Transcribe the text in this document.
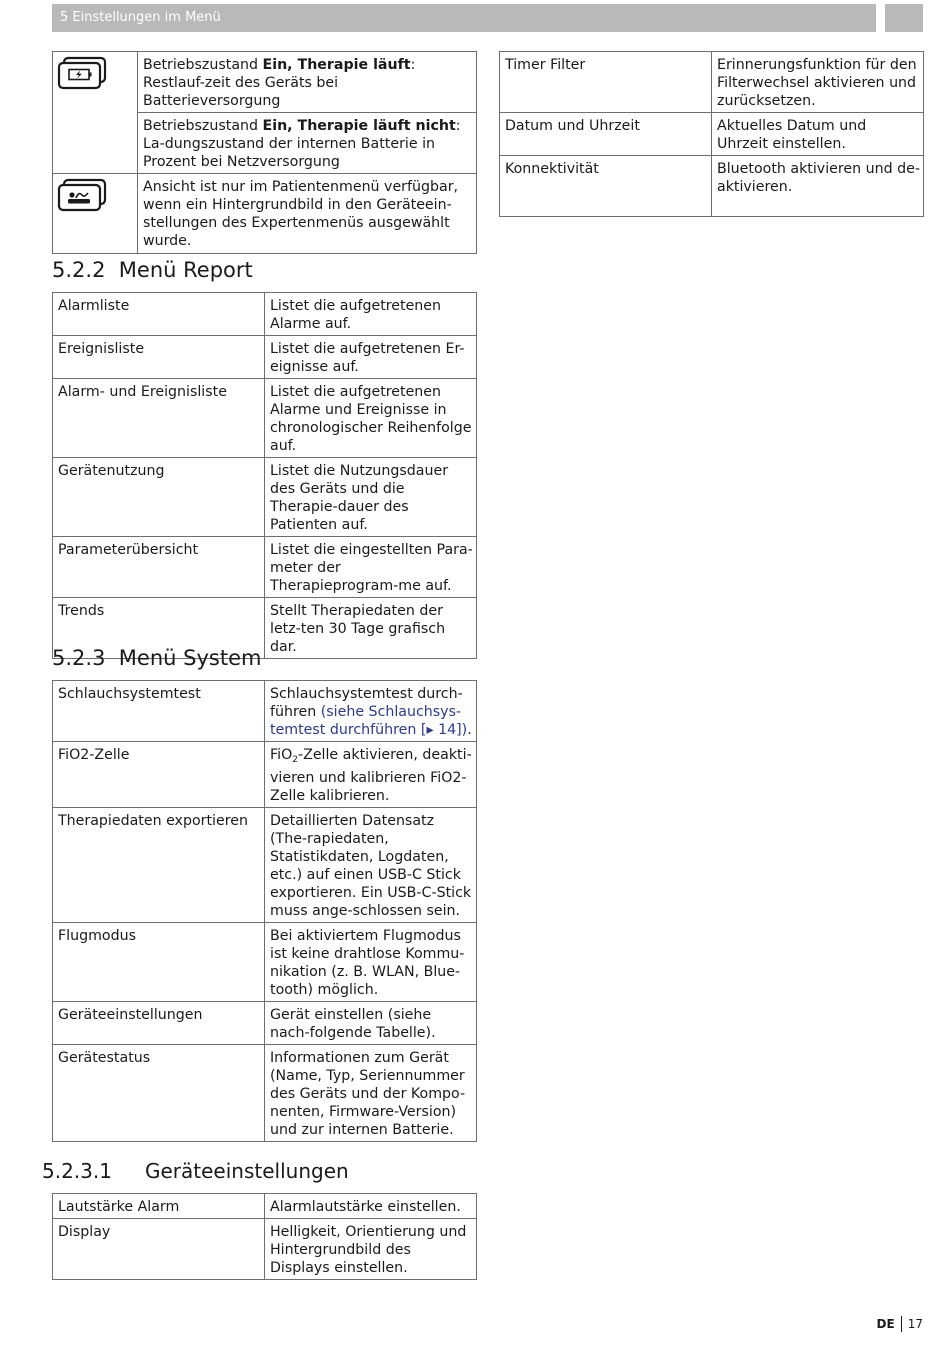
5 Einstellungen im Menü
	Betriebszustand Ein, Therapie läuft: Restlauf-zeit des Geräts bei Batterieversorgung
	Betriebszustand Ein, Therapie läuft nicht: La-dungszustand der internen Batterie in Prozent bei Netzversorgung

	Ansicht ist nur im Patientenmenü verfügbar, wenn ein Hintergrundbild in den Geräteein-stellungen des Expertenmenüs ausgewählt wurde.
Timer Filter	Erinnerungsfunktion für den Filterwechsel aktivieren und zurücksetzen.
Datum und Uhrzeit	Aktuelles Datum und Uhrzeit einstellen.
Konnektivität	Bluetooth aktivieren und de-aktivieren.
5.2.2 Menü Report
Alarmliste	Listet die aufgetretenen Alarme auf.
Ereignisliste	Listet die aufgetretenen Er-eignisse auf.
Alarm- und Ereignisliste	Listet die aufgetretenen Alarme und Ereignisse in chronologischer Reihenfolge auf.
Gerätenutzung	Listet die Nutzungsdauer des Geräts und die Therapie-dauer des Patienten auf.
Parameterübersicht	Listet die eingestellten Para-meter der Therapieprogram-me auf.
Trends	Stellt Therapiedaten der letz-ten 30 Tage grafisch dar.
5.2.3 Menü System
Schlauchsystemtest	Schlauchsystemtest durch-führen (siehe Schlauchsys-temtest durchführen [▸ 14]).
FiO2-Zelle	FiO$_2$-Zelle aktivieren, deakti-vieren und kalibrieren FiO2-Zelle kalibrieren.
Therapiedaten exportieren	Detaillierten Datensatz (The-rapiedaten, Statistikdaten, Logdaten, etc.) auf einen USB-C Stick exportieren. Ein USB-C-Stick muss ange-schlossen sein.
Flugmodus	Bei aktiviertem Flugmodus ist keine drahtlose Kommu-nikation (z. B. WLAN, Blue-tooth) möglich.
Geräteeinstellungen	Gerät einstellen (siehe nach-folgende Tabelle).
Gerätestatus	Informationen zum Gerät (Name, Typ, Seriennummer des Geräts und der Kompo-nenten, Firmware-Version) und zur internen Batterie.
5.2.3.1 Geräteeinstellungen
Lautstärke Alarm	Alarmlautstärke einstellen.
Display	Helligkeit, Orientierung und Hintergrundbild des Displays einstellen.
DE	17
